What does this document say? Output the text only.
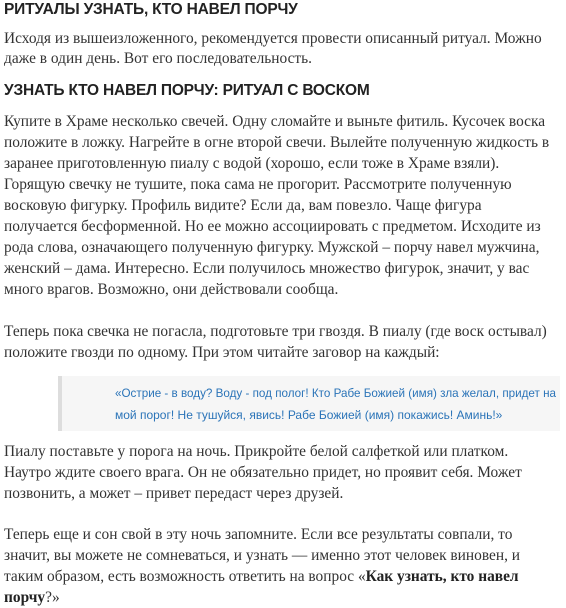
РИТУАЛЫ УЗНАТЬ, КТО НАВЕЛ ПОРЧУ
Исходя из вышеизложенного, рекомендуется провести описанный ритуал. Можно
даже в один день. Вот его последовательность.
УЗНАТЬ КТО НАВЕЛ ПОРЧУ: РИТУАЛ С ВОСКОМ
Купите в Храме несколько свечей. Одну сломайте и выньте фитиль. Кусочек воска
положите в ложку. Нагрейте в огне второй свечи. Вылейте полученную жидкость в
заранее приготовленную пиалу с водой (хорошо, если тоже в Храме взяли).
Горящую свечку не тушите, пока сама не прогорит. Рассмотрите полученную
восковую фигурку. Профиль видите? Если да, вам повезло. Чаще фигура
получается бесформенной. Но ее можно ассоциировать с предметом. Исходите из
рода слова, означающего полученную фигурку. Мужской – порчу навел мужчина,
женский – дама. Интересно. Если получилось множество фигурок, значит, у вас
много врагов. Возможно, они действовали сообща.
Теперь пока свечка не погасла, подготовьте три гвоздя. В пиалу (где воск остывал)
положите гвозди по одному. При этом читайте заговор на каждый:
«Острие - в воду? Воду - под полог! Кто Рабе Божией (имя) зла желал, придет на
мой порог! Не тушуйся, явись! Рабе Божией (имя) покажись! Аминь!»
Пиалу поставьте у порога на ночь. Прикройте белой салфеткой или платком.
Наутро ждите своего врага. Он не обязательно придет, но проявит себя. Может
позвонить, а может – привет передаст через друзей.
Теперь еще и сон свой в эту ночь запомните. Если все результаты совпали, то
значит, вы можете не сомневаться, и узнать — именно этот человек виновен, и
таким образом, есть возможность ответить на вопрос «Как узнать, кто навел
порчу?»
